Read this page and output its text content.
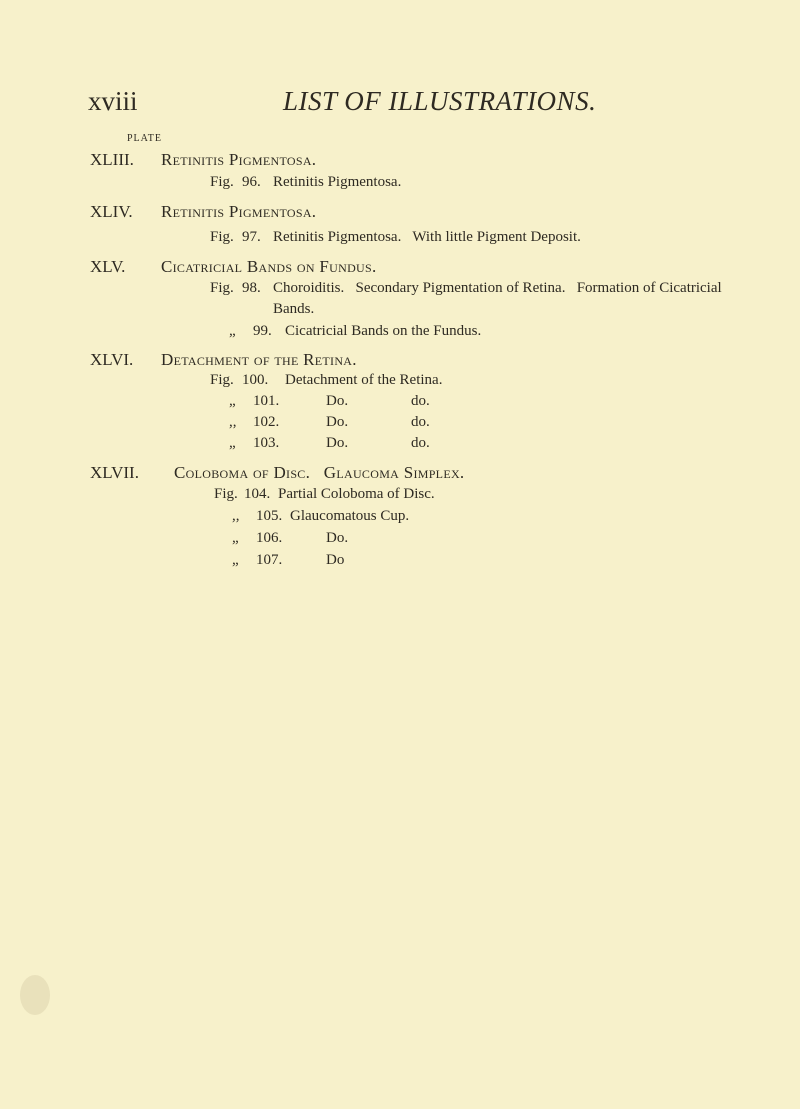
xviii	LIST OF ILLUSTRATIONS.
PLATE
XLIII. Retinitis Pigmentosa.
Fig. 96. Retinitis Pigmentosa.
XLIV. Retinitis Pigmentosa.
Fig. 97. Retinitis Pigmentosa.   With little Pigment Deposit.
XLV. Cicatricial Bands on Fundus.
Fig. 98. Choroiditis.   Secondary Pigmentation of Retina.   Formation of Cicatricial
Bands.
„ 99. Cicatricial Bands on the Fundus.
XLVI. Detachment of the Retina.
Fig. 100. Detachment of the Retina.
„ 101.	Do.	do.
,, 102.	Do.	do.
„ 103.	Do.	do.
XLVII. Coloboma of Disc.   Glaucoma Simplex.
Fig. 104. Partial Coloboma of Disc.
,, 105. Glaucomatous Cup.
„ 106.	Do.
„ 107.	Do
